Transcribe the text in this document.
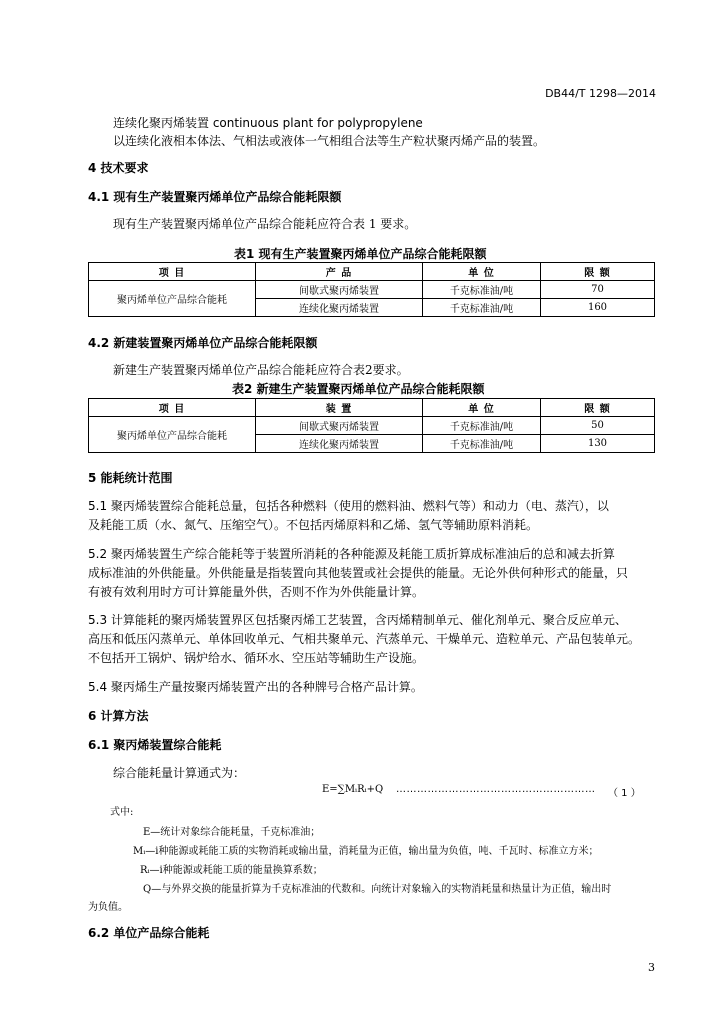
DB44/T 1298—2014
连续化聚丙烯装置 continuous plant for polypropylene
以连续化液相本体法、气相法或液体一气相组合法等生产粒状聚丙烯产品的装置。
4 技术要求
4.1 现有生产装置聚丙烯单位产品综合能耗限额
现有生产装置聚丙烯单位产品综合能耗应符合表 1 要求。
表1 现有生产装置聚丙烯单位产品综合能耗限额
项 目	产 品	单 位	限 额
聚丙烯单位产品综合能耗	间歇式聚丙烯装置	千克标准油/吨	70
	连续化聚丙烯装置	千克标准油/吨	160
4.2 新建装置聚丙烯单位产品综合能耗限额
新建生产装置聚丙烯单位产品综合能耗应符合表2要求。
表2 新建生产装置聚丙烯单位产品综合能耗限额
项 目	装 置	单 位	限 额
聚丙烯单位产品综合能耗	间歇式聚丙烯装置	千克标准油/吨	50
	连续化聚丙烯装置	千克标准油/吨	130
5 能耗统计范围
5.1 聚丙烯装置综合能耗总量，包括各种燃料（使用的燃料油、燃料气等）和动力（电、蒸汽），以
及耗能工质（水、氮气、压缩空气）。不包括丙烯原料和乙烯、氢气等辅助原料消耗。
5.2 聚丙烯装置生产综合能耗等于装置所消耗的各种能源及耗能工质折算成标准油后的总和减去折算
成标准油的外供能量。外供能量是指装置向其他装置或社会提供的能量。无论外供何种形式的能量，只
有被有效利用时方可计算能量外供，否则不作为外供能量计算。
5.3 计算能耗的聚丙烯装置界区包括聚丙烯工艺装置，含丙烯精制单元、催化剂单元、聚合反应单元、
高压和低压闪蒸单元、单体回收单元、气相共聚单元、汽蒸单元、干燥单元、造粒单元、产品包装单元。
不包括开工锅炉、锅炉给水、循环水、空压站等辅助生产设施。
5.4 聚丙烯生产量按聚丙烯装置产出的各种牌号合格产品计算。
6 计算方法
6.1 聚丙烯装置综合能耗
综合能耗量计算通式为：
E=∑MᵢRᵢ+Q ………………………………………………… （ 1 ）
式中:
E—统计对象综合能耗量，千克标准油；
Mᵢ—i种能源或耗能工质的实物消耗或输出量，消耗量为正值，输出量为负值，吨、千瓦时、标准立方米；
Rᵢ—i种能源或耗能工质的能量换算系数；
Q—与外界交换的能量折算为千克标准油的代数和。向统计对象输入的实物消耗量和热量计为正值，输出时
为负值。
6.2 单位产品综合能耗
3
